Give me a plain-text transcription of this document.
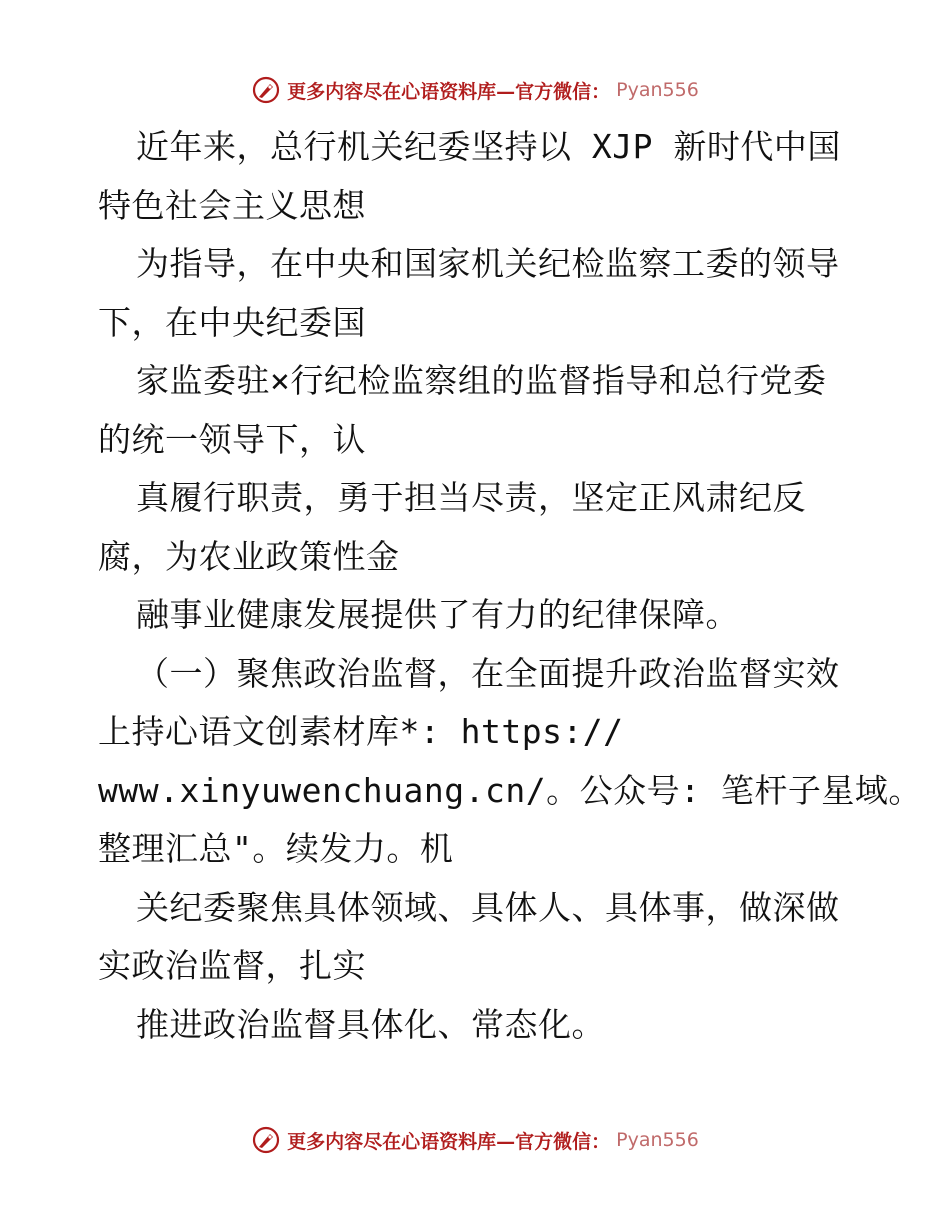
更多内容尽在心语资料库—官方微信： Pyan556
近年来，总行机关纪委坚持以 XJP 新时代中国
特色社会主义思想
为指导，在中央和国家机关纪检监察工委的领导
下，在中央纪委国
家监委驻×行纪检监察组的监督指导和总行党委
的统一领导下，认
真履行职责，勇于担当尽责，坚定正风肃纪反
腐，为农业政策性金
融事业健康发展提供了有力的纪律保障。
（一）聚焦政治监督，在全面提升政治监督实效
上持心语文创素材库*: https://
www.xinyuwenchuang.cn/。公众号: 笔杆子星域。
整理汇总"。续发力。机
关纪委聚焦具体领域、具体人、具体事，做深做
实政治监督，扎实
推进政治监督具体化、常态化。
更多内容尽在心语资料库—官方微信： Pyan556
